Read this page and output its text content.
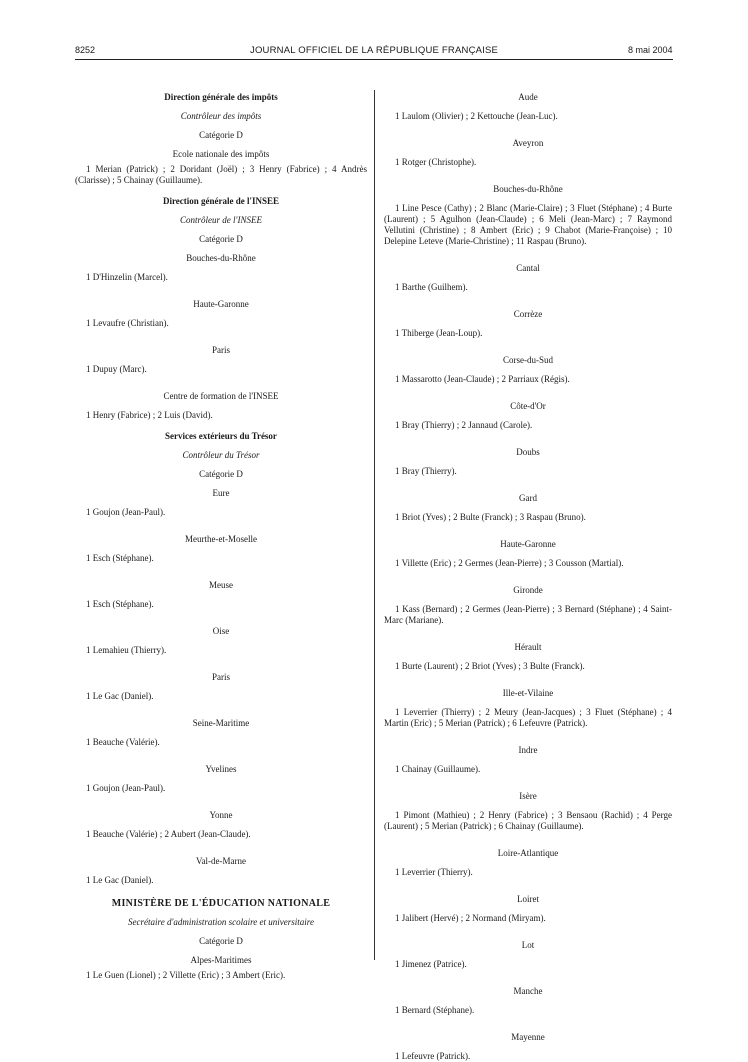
8252	JOURNAL OFFICIEL DE LA RÉPUBLIQUE FRANÇAISE	8 mai 2004

Direction générale des impôts

Contrôleur des impôts

Catégorie D

Ecole nationale des impôts

1 Merian (Patrick) ; 2 Doridant (Joël) ; 3 Henry (Fabrice) ; 4 Andrès (Clarisse) ; 5 Chainay (Guillaume).

Direction générale de l'INSEE

Contrôleur de l'INSEE

Catégorie D

Bouches-du-Rhône

1 D'Hinzelin (Marcel).

Haute-Garonne

1 Levaufre (Christian).

Paris

1 Dupuy (Marc).

Centre de formation de l'INSEE

1 Henry (Fabrice) ; 2 Luis (David).

Services extérieurs du Trésor

Contrôleur du Trésor

Catégorie D

Eure

1 Goujon (Jean-Paul).

Meurthe-et-Moselle

1 Esch (Stéphane).

Meuse

1 Esch (Stéphane).

Oise

1 Lemahieu (Thierry).

Paris

1 Le Gac (Daniel).

Seine-Maritime

1 Beauche (Valérie).

Yvelines

1 Goujon (Jean-Paul).

Yonne

1 Beauche (Valérie) ; 2 Aubert (Jean-Claude).

Val-de-Marne

1 Le Gac (Daniel).

MINISTÈRE DE L'ÉDUCATION NATIONALE

Secrétaire d'administration scolaire et universitaire

Catégorie D

Alpes-Maritimes

1 Le Guen (Lionel) ; 2 Villette (Eric) ; 3 Ambert (Eric).

Aude

1 Laulom (Olivier) ; 2 Kettouche (Jean-Luc).

Aveyron

1 Rotger (Christophe).

Bouches-du-Rhône

1 Line Pesce (Cathy) ; 2 Blanc (Marie-Claire) ; 3 Fluet (Stéphane) ; 4 Burte (Laurent) ; 5 Agulhon (Jean-Claude) ; 6 Meli (Jean-Marc) ; 7 Raymond Vellutini (Christine) ; 8 Ambert (Eric) ; 9 Chabot (Marie-Françoise) ; 10 Delepine Leteve (Marie-Christine) ; 11 Raspau (Bruno).

Cantal

1 Barthe (Guilhem).

Corrèze

1 Thiberge (Jean-Loup).

Corse-du-Sud

1 Massarotto (Jean-Claude) ; 2 Parriaux (Régis).

Côte-d'Or

1 Bray (Thierry) ; 2 Jannaud (Carole).

Doubs

1 Bray (Thierry).

Gard

1 Briot (Yves) ; 2 Bulte (Franck) ; 3 Raspau (Bruno).

Haute-Garonne

1 Villette (Eric) ; 2 Germes (Jean-Pierre) ; 3 Cousson (Martial).

Gironde

1 Kass (Bernard) ; 2 Germes (Jean-Pierre) ; 3 Bernard (Stéphane) ; 4 Saint-Marc (Mariane).

Hérault

1 Burte (Laurent) ; 2 Briot (Yves) ; 3 Bulte (Franck).

Ille-et-Vilaine

1 Leverrier (Thierry) ; 2 Meury (Jean-Jacques) ; 3 Fluet (Stéphane) ; 4 Martin (Eric) ; 5 Merian (Patrick) ; 6 Lefeuvre (Patrick).

Indre

1 Chainay (Guillaume).

Isère

1 Pimont (Mathieu) ; 2 Henry (Fabrice) ; 3 Bensaou (Rachid) ; 4 Perge (Laurent) ; 5 Merian (Patrick) ; 6 Chainay (Guillaume).

Loire-Atlantique

1 Leverrier (Thierry).

Loiret

1 Jalibert (Hervé) ; 2 Normand (Miryam).

Lot

1 Jimenez (Patrice).

Manche

1 Bernard (Stéphane).

Mayenne

1 Lefeuvre (Patrick).
